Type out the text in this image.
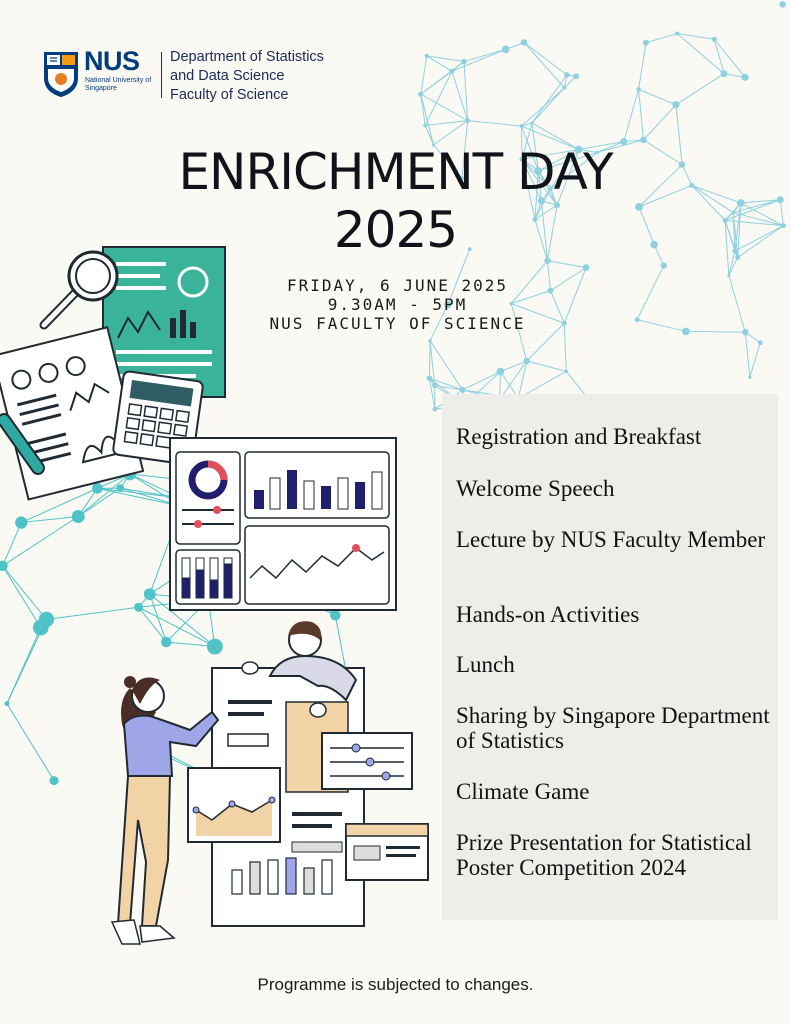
NUS
National University of Singapore
Department of Statistics
and Data Science
Faculty of Science
ENRICHMENT DAY
2025
FRIDAY, 6 JUNE 2025
9.30AM - 5PM
NUS FACULTY OF SCIENCE
Registration and Breakfast
Welcome Speech
Lecture by NUS Faculty Member
Hands-on Activities
Lunch
Sharing by Singapore Department of Statistics
Climate Game
Prize Presentation for Statistical Poster Competition 2024
Programme is subjected to changes.
